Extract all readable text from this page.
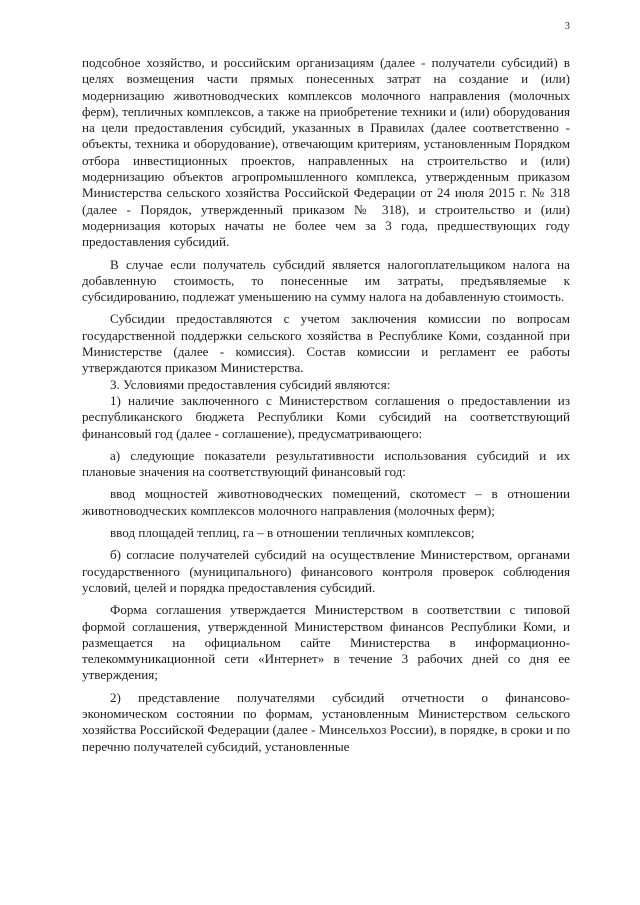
3

подсобное хозяйство, и российским организациям (далее - получатели субсидий) в целях возмещения части прямых понесенных затрат на создание и (или) модернизацию животноводческих комплексов молочного направления (молочных ферм), тепличных комплексов, а также на приобретение техники и (или) оборудования на цели предоставления субсидий, указанных в Правилах (далее соответственно - объекты, техника и оборудование), отвечающим критериям, установленным Порядком отбора инвестиционных проектов, направленных на строительство и (или) модернизацию объектов агропромышленного комплекса, утвержденным приказом Министерства сельского хозяйства Российской Федерации от 24 июля 2015 г. № 318 (далее - Порядок, утвержденный приказом № 318), и строительство и (или) модернизация которых начаты не более чем за 3 года, предшествующих году предоставления субсидий.

В случае если получатель субсидий является налогоплательщиком налога на добавленную стоимость, то понесенные им затраты, предъявляемые к субсидированию, подлежат уменьшению на сумму налога на добавленную стоимость.

Субсидии предоставляются с учетом заключения комиссии по вопросам государственной поддержки сельского хозяйства в Республике Коми, созданной при Министерстве (далее - комиссия). Состав комиссии и регламент ее работы утверждаются приказом Министерства.

3. Условиями предоставления субсидий являются:

1) наличие заключенного с Министерством соглашения о предоставлении из республиканского бюджета Республики Коми субсидий на соответствующий финансовый год (далее - соглашение), предусматривающего:

а) следующие показатели результативности использования субсидий и их плановые значения на соответствующий финансовый год:

ввод мощностей животноводческих помещений, скотомест – в отношении животноводческих комплексов молочного направления (молочных ферм);

ввод площадей теплиц, га – в отношении тепличных комплексов;

б) согласие получателей субсидий на осуществление Министерством, органами государственного (муниципального) финансового контроля проверок соблюдения условий, целей и порядка предоставления субсидий.

Форма соглашения утверждается Министерством в соответствии с типовой формой соглашения, утвержденной Министерством финансов Республики Коми, и размещается на официальном сайте Министерства в информационно-телекоммуникационной сети «Интернет» в течение 3 рабочих дней со дня ее утверждения;

2) представление получателями субсидий отчетности о финансово-экономическом состоянии по формам, установленным Министерством сельского хозяйства Российской Федерации (далее - Минсельхоз России), в порядке, в сроки и по перечню получателей субсидий, установленные
